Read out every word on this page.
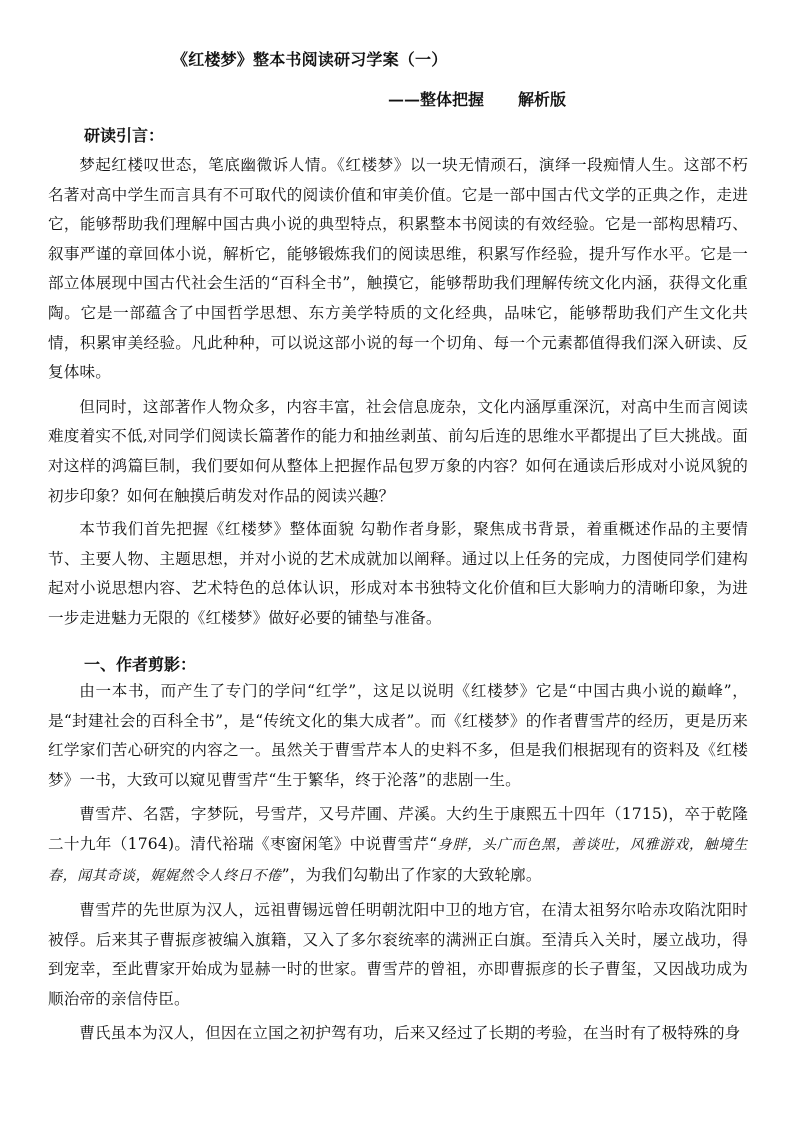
《红楼梦》整本书阅读研习学案（一）
——整体把握 解析版
研读引言：

梦起红楼叹世态，笔底幽微诉人情。《红楼梦》以一块无情顽石，演绎一段痴情人生。这部不朽名著对高中学生而言具有不可取代的阅读价值和审美价值。它是一部中国古代文学的正典之作，走进它，能够帮助我们理解中国古典小说的典型特点，积累整本书阅读的有效经验。它是一部构思精巧、叙事严谨的章回体小说，解析它，能够锻炼我们的阅读思维，积累写作经验，提升写作水平。它是一部立体展现中国古代社会生活的“百科全书”，触摸它，能够帮助我们理解传统文化内涵，获得文化重陶。它是一部蕴含了中国哲学思想、东方美学特质的文化经典，品味它，能够帮助我们产生文化共情，积累审美经验。凡此种种，可以说这部小说的每一个切角、每一个元素都值得我们深入研读、反复体味。

但同时，这部著作人物众多，内容丰富，社会信息庞杂，文化内涵厚重深沉，对高中生而言阅读难度着实不低,对同学们阅读长篇著作的能力和抽丝剥茧、前勾后连的思维水平都提出了巨大挑战。面对这样的鸿篇巨制，我们要如何从整体上把握作品包罗万象的内容？如何在通读后形成对小说风貌的初步印象？如何在触摸后萌发对作品的阅读兴趣？

本节我们首先把握《红楼梦》整体面貌 勾勒作者身影，聚焦成书背景，着重概述作品的主要情节、主要人物、主题思想，并对小说的艺术成就加以阐释。通过以上任务的完成，力图使同学们建构起对小说思想内容、艺术特色的总体认识，形成对本书独特文化价值和巨大影响力的清晰印象，为进一步走进魅力无限的《红楼梦》做好必要的铺垫与准备。

一、作者剪影：

由一本书，而产生了专门的学问“红学”，这足以说明《红楼梦》它是“中国古典小说的巅峰”，是“封建社会的百科全书”，是“传统文化的集大成者”。而《红楼梦》的作者曹雪芹的经历，更是历来红学家们苦心研究的内容之一。虽然关于曹雪芹本人的史料不多，但是我们根据现有的资料及《红楼梦》一书，大致可以窥见曹雪芹“生于繁华，终于沦落”的悲剧一生。

曹雪芹、名霑，字梦阮，号雪芹，又号芹圃、芹溪。大约生于康熙五十四年（1715)，卒于乾隆二十九年（1764)。清代裕瑞《枣窗闲笔》中说曹雪芹“身胖，头广而色黑，善谈吐，风雅游戏，触境生春，闻其奇谈，娓娓然令人终日不倦”，为我们勾勒出了作家的大致轮廓。

曹雪芹的先世原为汉人，远祖曹锡远曾任明朝沈阳中卫的地方官，在清太祖努尔哈赤攻陷沈阳时被俘。后来其子曹振彦被编入旗籍，又入了多尔衮统率的满洲正白旗。至清兵入关时，屡立战功，得到宠幸，至此曹家开始成为显赫一时的世家。曹雪芹的曾祖，亦即曹振彦的长子曹玺，又因战功成为顺治帝的亲信侍臣。

曹氏虽本为汉人，但因在立国之初护驾有功，后来又经过了长期的考验，在当时有了极特殊的身
